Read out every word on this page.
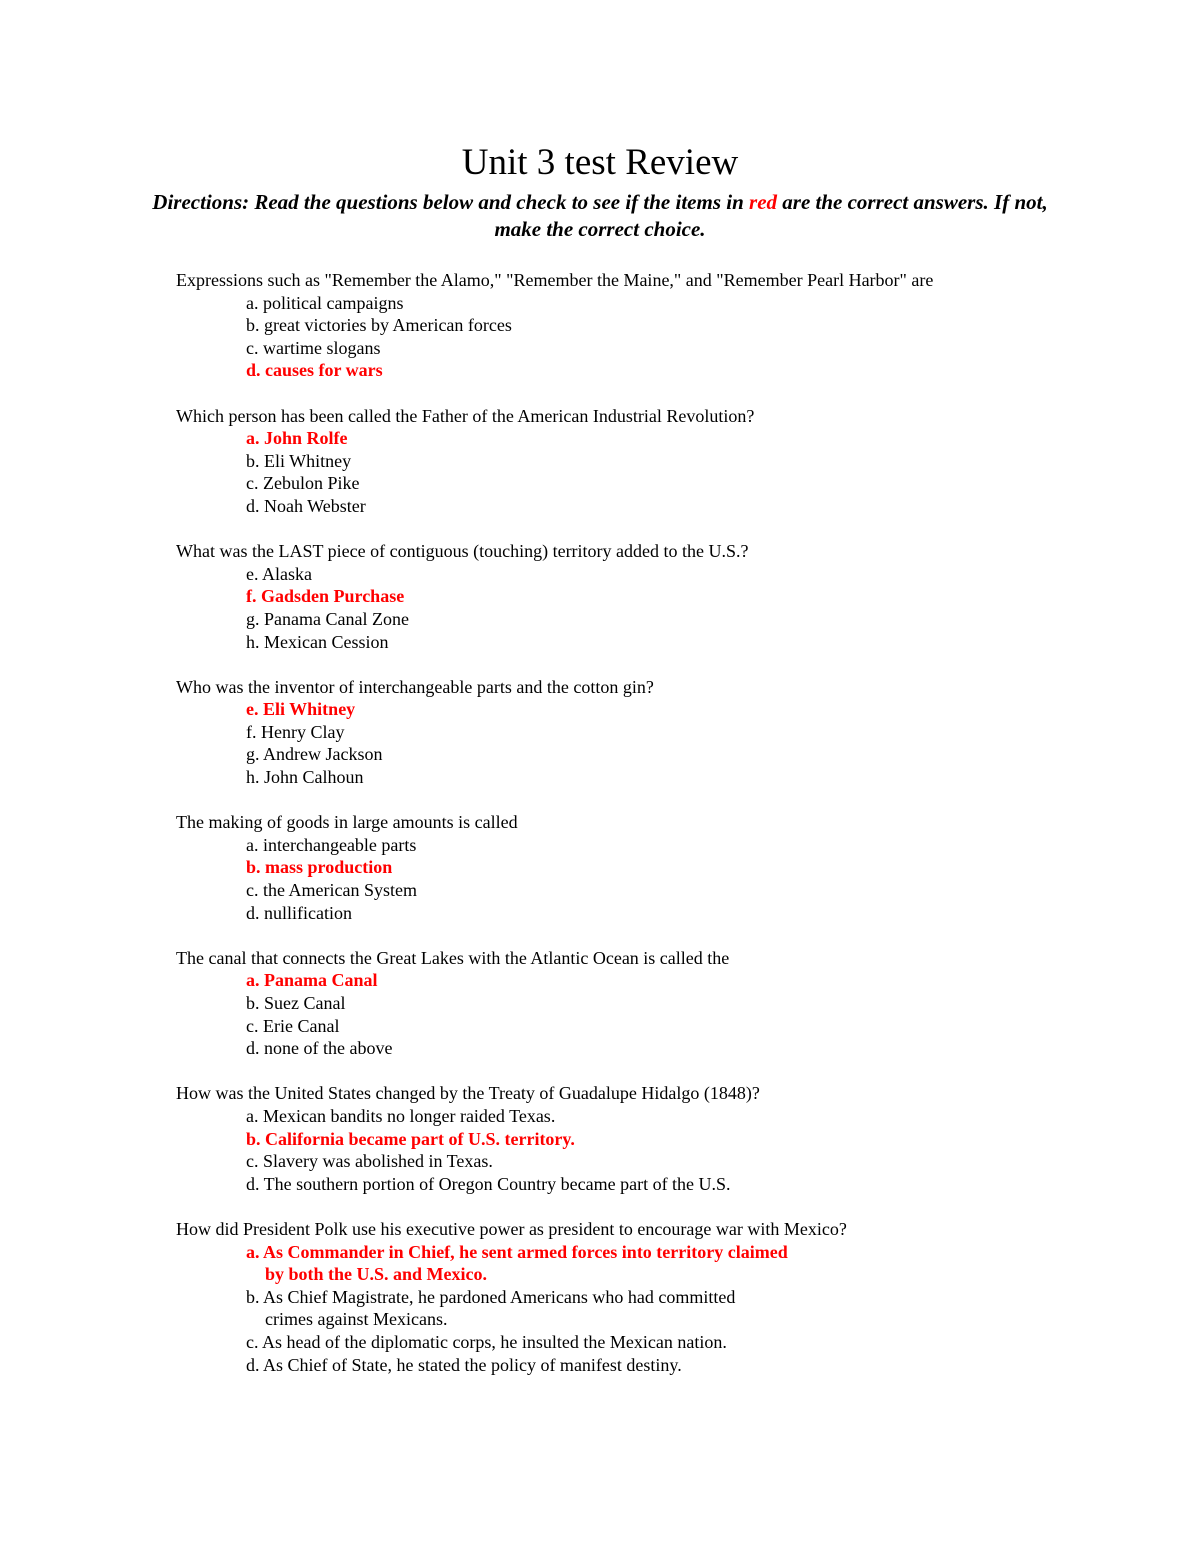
Unit 3 test Review
Directions: Read the questions below and check to see if the items in red are the correct answers. If not, make the correct choice.
Expressions such as "Remember the Alamo," "Remember the Maine," and "Remember Pearl Harbor" are
a. political campaigns
b. great victories by American forces
c. wartime slogans
d. causes for wars
Which person has been called the Father of the American Industrial Revolution?
a. John Rolfe
b. Eli Whitney
c. Zebulon Pike
d. Noah Webster
What was the LAST piece of contiguous (touching) territory added to the U.S.?
e. Alaska
f. Gadsden Purchase
g. Panama Canal Zone
h. Mexican Cession
Who was the inventor of interchangeable parts and the cotton gin?
e. Eli Whitney
f. Henry Clay
g. Andrew Jackson
h. John Calhoun
The making of goods in large amounts is called
a. interchangeable parts
b. mass production
c. the American System
d. nullification
The canal that connects the Great Lakes with the Atlantic Ocean is called the
a. Panama Canal
b. Suez Canal
c. Erie Canal
d. none of the above
How was the United States changed by the Treaty of Guadalupe Hidalgo (1848)?
a. Mexican bandits no longer raided Texas.
b. California became part of U.S. territory.
c. Slavery was abolished in Texas.
d. The southern portion of Oregon Country became part of the U.S.
How did President Polk use his executive power as president to encourage war with Mexico?
a. As Commander in Chief, he sent armed forces into territory claimed
by both the U.S. and Mexico.
b. As Chief Magistrate, he pardoned Americans who had committed
crimes against Mexicans.
c. As head of the diplomatic corps, he insulted the Mexican nation.
d. As Chief of State, he stated the policy of manifest destiny.
